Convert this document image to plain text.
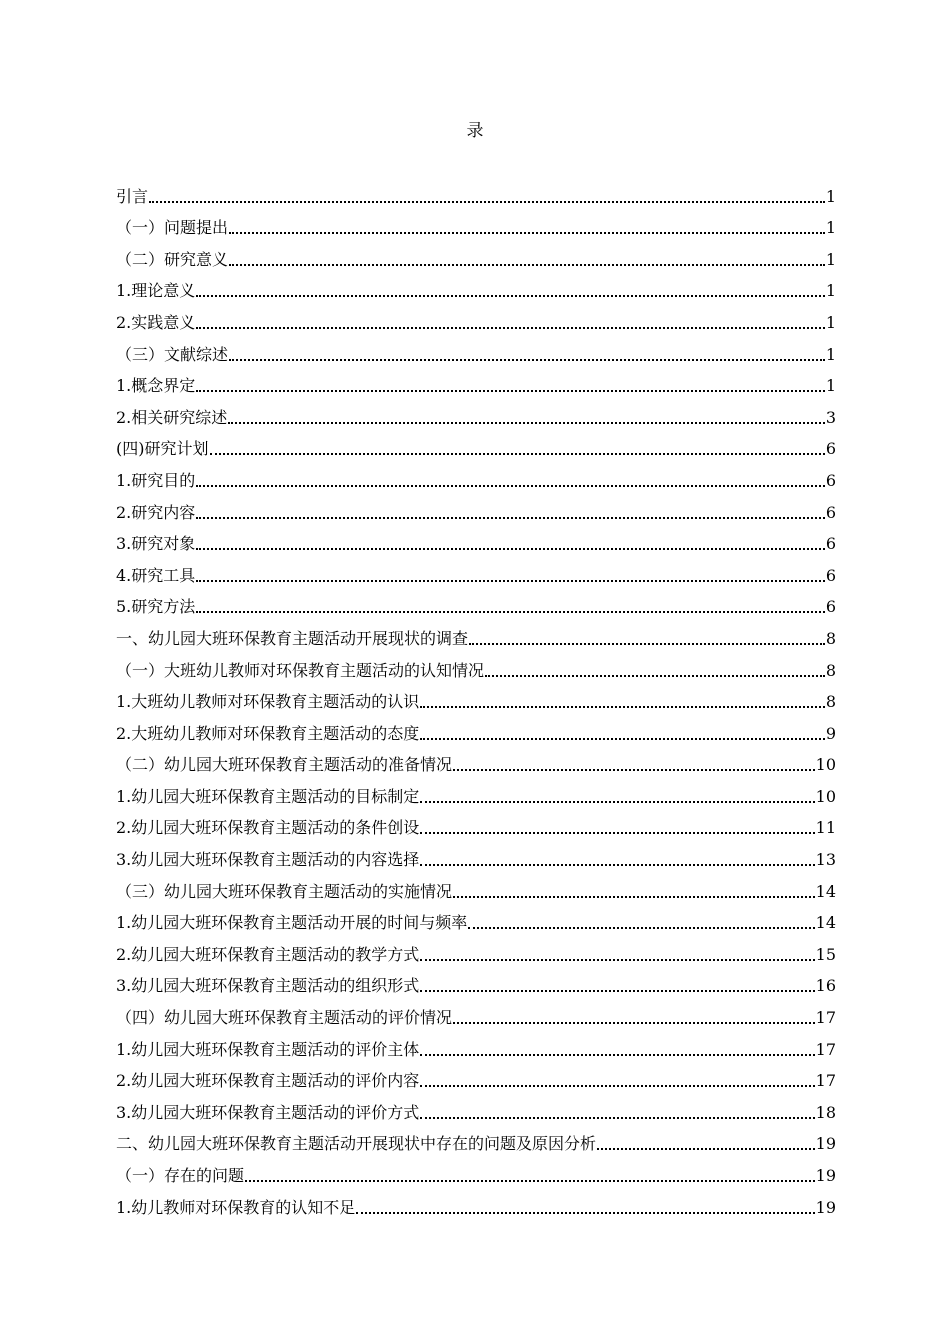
录
引言	1
（一）问题提出	1
（二）研究意义	1
1.理论意义	1
2.实践意义	1
（三）文献综述	1
1.概念界定	1
2.相关研究综述	3
(四)研究计划	6
1.研究目的	6
2.研究内容	6
3.研究对象	6
4.研究工具	6
5.研究方法	6
一、幼儿园大班环保教育主题活动开展现状的调查	8
（一）大班幼儿教师对环保教育主题活动的认知情况	8
1.大班幼儿教师对环保教育主题活动的认识	8
2.大班幼儿教师对环保教育主题活动的态度	9
（二）幼儿园大班环保教育主题活动的准备情况	10
1.幼儿园大班环保教育主题活动的目标制定	10
2.幼儿园大班环保教育主题活动的条件创设	11
3.幼儿园大班环保教育主题活动的内容选择	13
（三）幼儿园大班环保教育主题活动的实施情况	14
1.幼儿园大班环保教育主题活动开展的时间与频率	14
2.幼儿园大班环保教育主题活动的教学方式	15
3.幼儿园大班环保教育主题活动的组织形式	16
（四）幼儿园大班环保教育主题活动的评价情况	17
1.幼儿园大班环保教育主题活动的评价主体	17
2.幼儿园大班环保教育主题活动的评价内容	17
3.幼儿园大班环保教育主题活动的评价方式	18
二、幼儿园大班环保教育主题活动开展现状中存在的问题及原因分析	19
（一）存在的问题	19
1.幼儿教师对环保教育的认知不足	19
